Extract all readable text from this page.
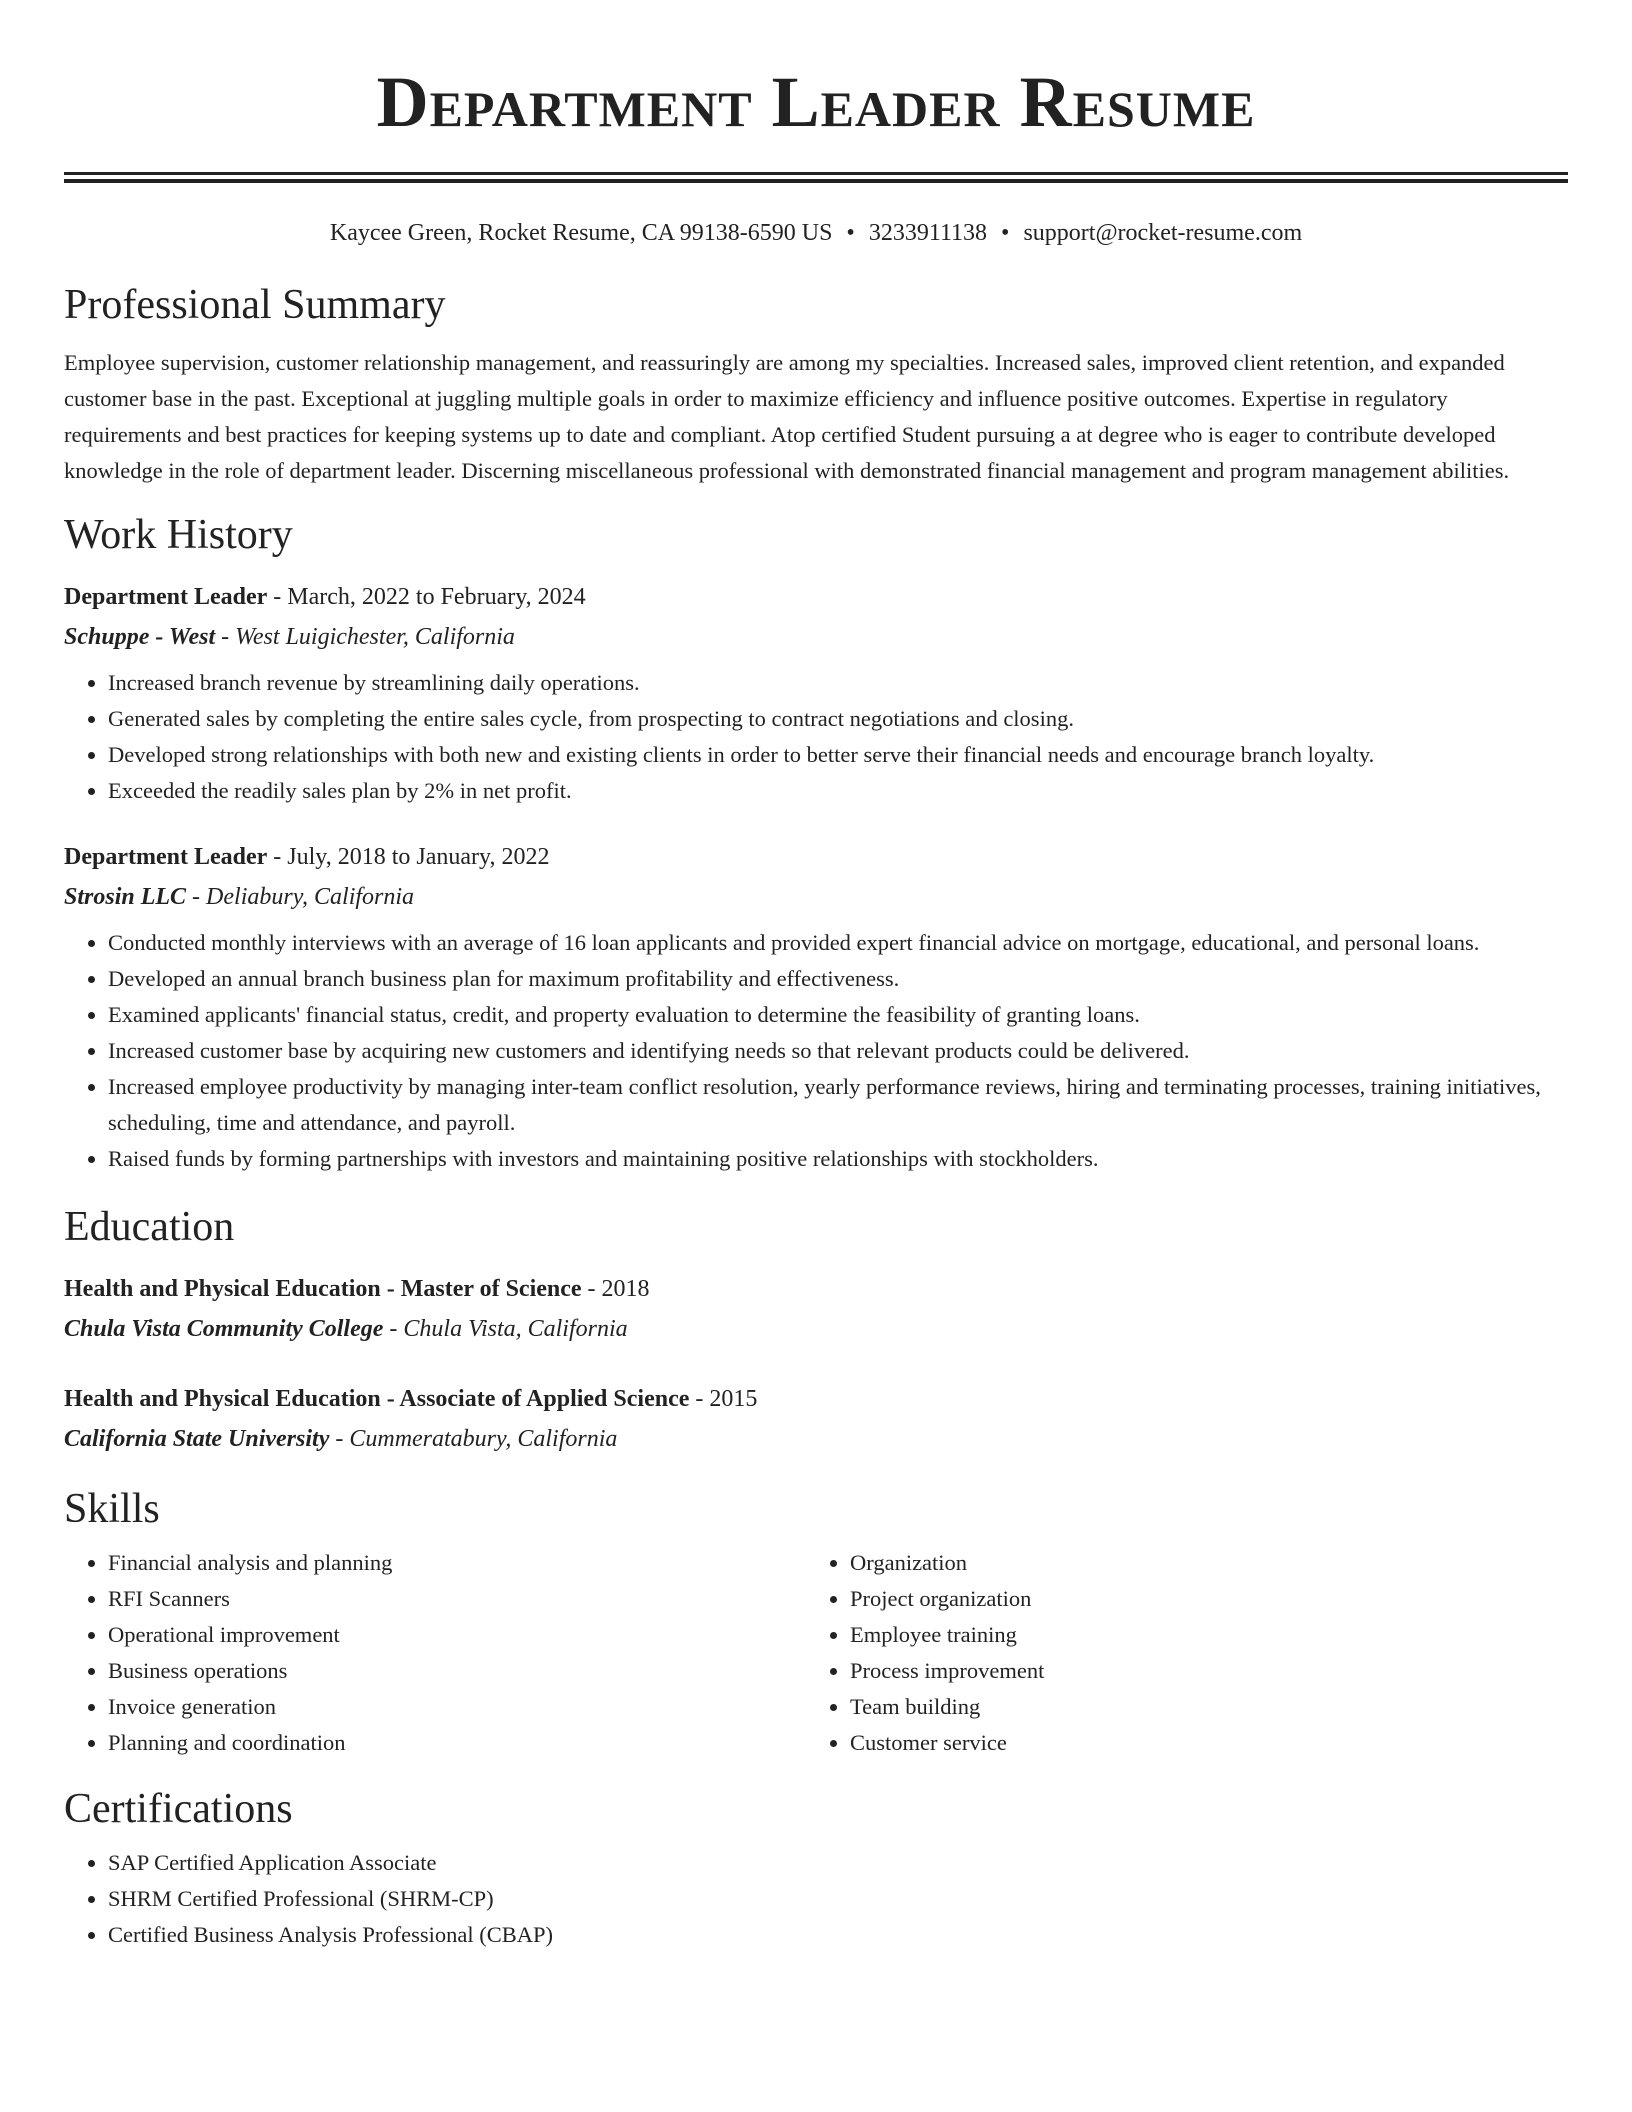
Department Leader Resume
Kaycee Green, Rocket Resume, CA 99138-6590 US • 3233911138 • support@rocket-resume.com
Professional Summary

Employee supervision, customer relationship management, and reassuringly are among my specialties. Increased sales, improved client retention, and expanded customer base in the past. Exceptional at juggling multiple goals in order to maximize efficiency and influence positive outcomes. Expertise in regulatory requirements and best practices for keeping systems up to date and compliant. Atop certified Student pursuing a at degree who is eager to contribute developed knowledge in the role of department leader. Discerning miscellaneous professional with demonstrated financial management and program management abilities.

Work History

Department Leader - March, 2022 to February, 2024

Schuppe - West - West Luigichester, California

• Increased branch revenue by streamlining daily operations.
• Generated sales by completing the entire sales cycle, from prospecting to contract negotiations and closing.
• Developed strong relationships with both new and existing clients in order to better serve their financial needs and encourage branch loyalty.
• Exceeded the readily sales plan by 2% in net profit.

Department Leader - July, 2018 to January, 2022

Strosin LLC - Deliabury, California

• Conducted monthly interviews with an average of 16 loan applicants and provided expert financial advice on mortgage, educational, and personal loans.
• Developed an annual branch business plan for maximum profitability and effectiveness.
• Examined applicants' financial status, credit, and property evaluation to determine the feasibility of granting loans.
• Increased customer base by acquiring new customers and identifying needs so that relevant products could be delivered.
• Increased employee productivity by managing inter-team conflict resolution, yearly performance reviews, hiring and terminating processes, training initiatives, scheduling, time and attendance, and payroll.
• Raised funds by forming partnerships with investors and maintaining positive relationships with stockholders.
Education

Health and Physical Education - Master of Science - 2018

Chula Vista Community College - Chula Vista, California

Health and Physical Education - Associate of Applied Science - 2015

California State University - Cummeratabury, California

Skills
• Financial analysis and planning
• RFI Scanners
• Operational improvement
• Business operations
• Invoice generation
• Planning and coordination
• Organization
• Project organization
• Employee training
• Process improvement
• Team building
• Customer service
Certifications
• SAP Certified Application Associate
• SHRM Certified Professional (SHRM-CP)
• Certified Business Analysis Professional (CBAP)
